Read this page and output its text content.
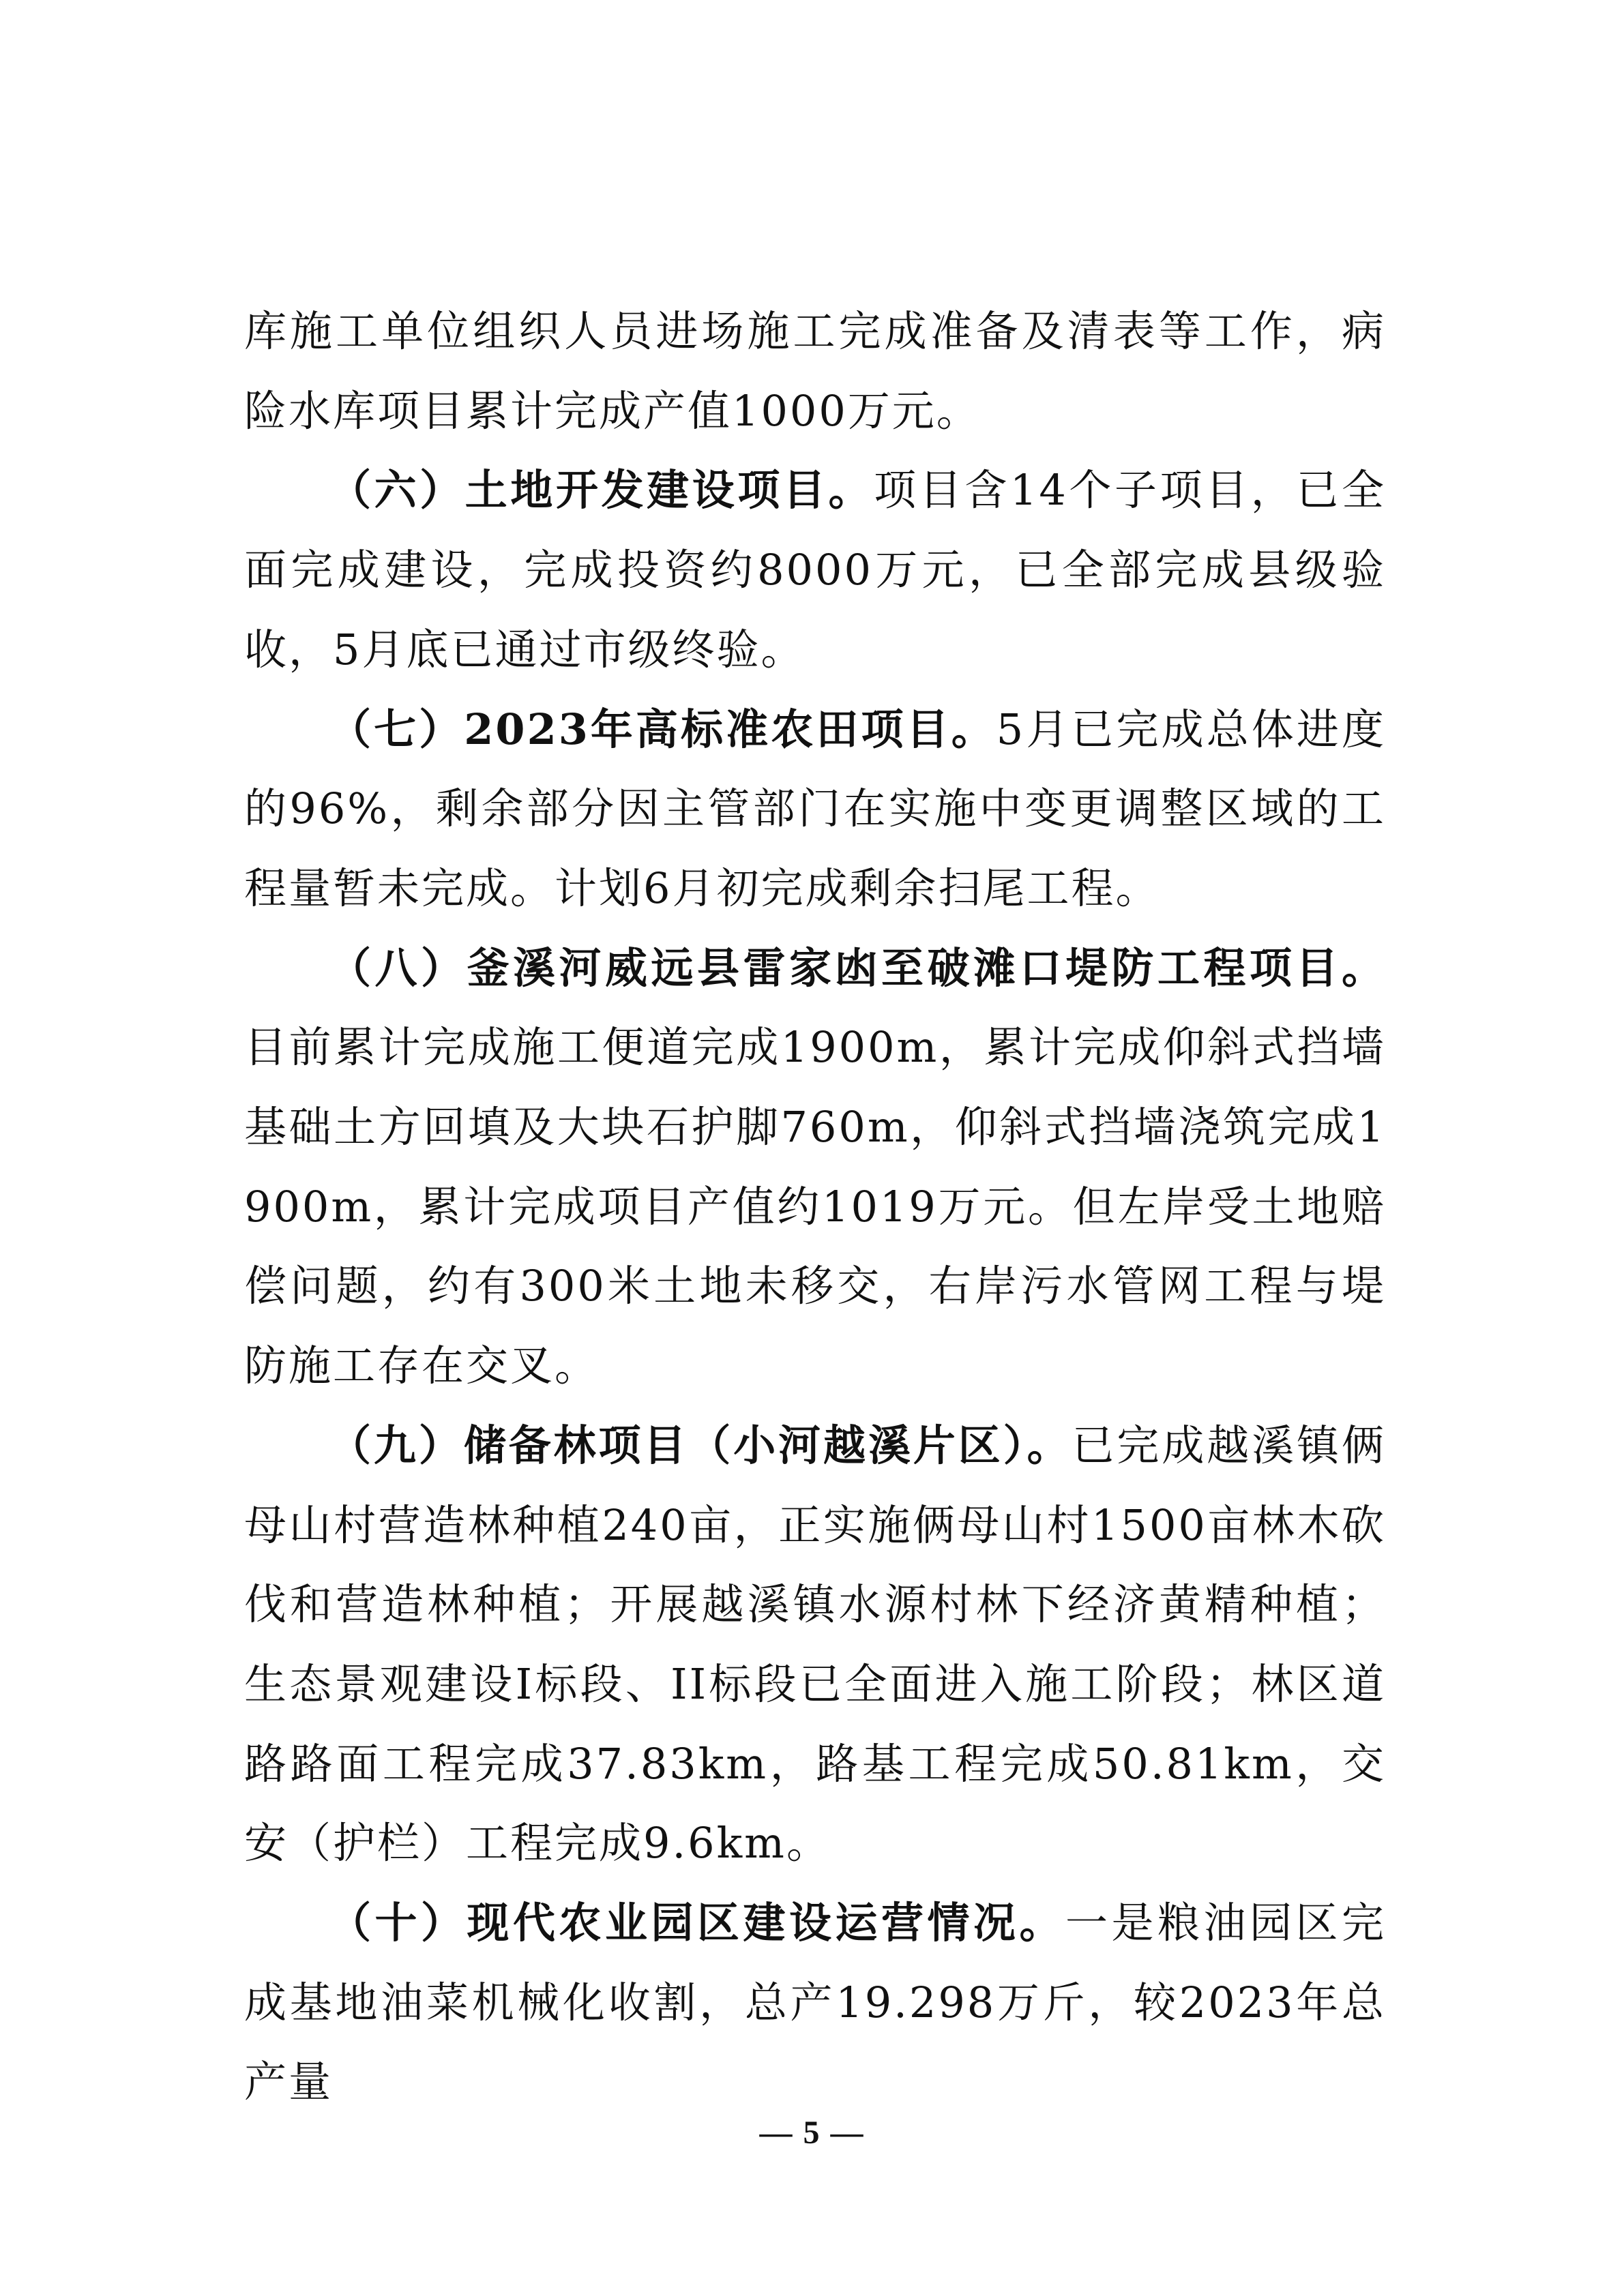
库施工单位组织人员进场施工完成准备及清表等工作，病险水库项目累计完成产值1000万元。

（六）土地开发建设项目。项目含14个子项目，已全面完成建设，完成投资约8000万元，已全部完成县级验收，5月底已通过市级终验。

（七）2023年高标准农田项目。5月已完成总体进度的96%，剩余部分因主管部门在实施中变更调整区域的工程量暂未完成。计划6月初完成剩余扫尾工程。

（八）釜溪河威远县雷家凼至破滩口堤防工程项目。目前累计完成施工便道完成1900m，累计完成仰斜式挡墙基础土方回填及大块石护脚760m，仰斜式挡墙浇筑完成1900m，累计完成项目产值约1019万元。但左岸受土地赔偿问题，约有300米土地未移交，右岸污水管网工程与堤防施工存在交叉。

（九）储备林项目（小河越溪片区）。已完成越溪镇俩母山村营造林种植240亩，正实施俩母山村1500亩林木砍伐和营造林种植；开展越溪镇水源村林下经济黄精种植；生态景观建设I标段、II标段已全面进入施工阶段；林区道路路面工程完成37.83km，路基工程完成50.81km，交安（护栏）工程完成9.6km。

（十）现代农业园区建设运营情况。一是粮油园区完成基地油菜机械化收割，总产19.298万斤，较2023年总产量

— 5 —
